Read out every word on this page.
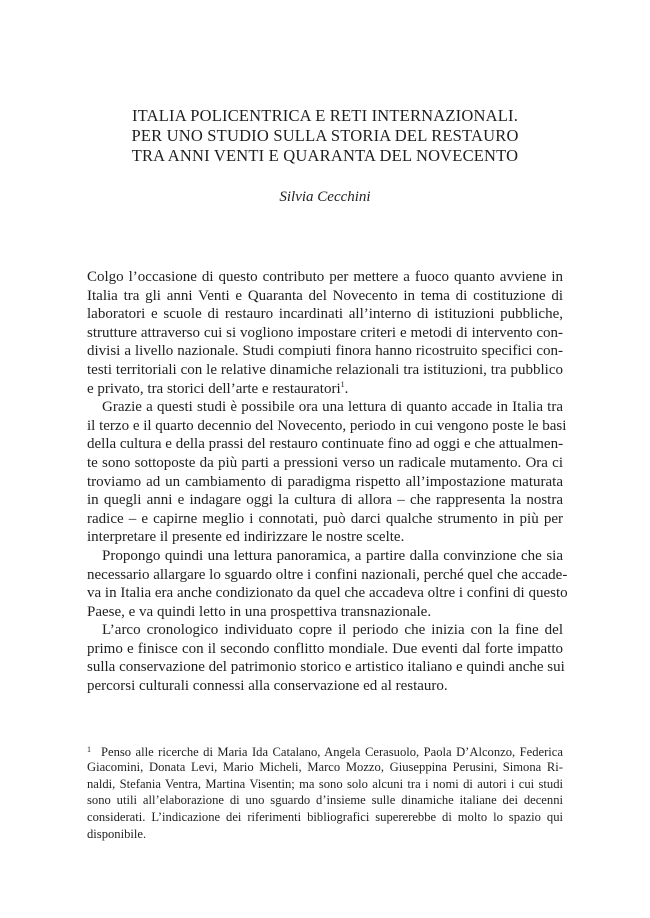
ITALIA POLICENTRICA E RETI INTERNAZIONALI.
PER UNO STUDIO SULLA STORIA DEL RESTAURO
TRA ANNI VENTI E QUARANTA DEL NOVECENTO
Silvia Cecchini
Colgo l’occasione di questo contributo per mettere a fuoco quanto avviene in
Italia tra gli anni Venti e Quaranta del Novecento in tema di costituzione di
laboratori e scuole di restauro incardinati all’interno di istituzioni pubbliche,
strutture attraverso cui si vogliono impostare criteri e metodi di intervento con-
divisi a livello nazionale. Studi compiuti finora hanno ricostruito specifici con-
testi territoriali con le relative dinamiche relazionali tra istituzioni, tra pubblico
e privato, tra storici dell’arte e restauratori$^1$.
Grazie a questi studi è possibile ora una lettura di quanto accade in Italia tra
il terzo e il quarto decennio del Novecento, periodo in cui vengono poste le basi
della cultura e della prassi del restauro continuate fino ad oggi e che attualmen-
te sono sottoposte da più parti a pressioni verso un radicale mutamento. Ora ci
troviamo ad un cambiamento di paradigma rispetto all’impostazione maturata
in quegli anni e indagare oggi la cultura di allora – che rappresenta la nostra
radice – e capirne meglio i connotati, può darci qualche strumento in più per
interpretare il presente ed indirizzare le nostre scelte.
Propongo quindi una lettura panoramica, a partire dalla convinzione che sia
necessario allargare lo sguardo oltre i confini nazionali, perché quel che accade-
va in Italia era anche condizionato da quel che accadeva oltre i confini di questo
Paese, e va quindi letto in una prospettiva transnazionale.
L’arco cronologico individuato copre il periodo che inizia con la fine del
primo e finisce con il secondo conflitto mondiale. Due eventi dal forte impatto
sulla conservazione del patrimonio storico e artistico italiano e quindi anche sui
percorsi culturali connessi alla conservazione ed al restauro.
1 Penso alle ricerche di Maria Ida Catalano, Angela Cerasuolo, Paola D’Alconzo, Federica
Giacomini, Donata Levi, Mario Micheli, Marco Mozzo, Giuseppina Perusini, Simona Ri-
naldi, Stefania Ventra, Martina Visentin; ma sono solo alcuni tra i nomi di autori i cui studi
sono utili all’elaborazione di uno sguardo d’insieme sulle dinamiche italiane dei decenni
considerati. L’indicazione dei riferimenti bibliografici supererebbe di molto lo spazio qui
disponibile.
